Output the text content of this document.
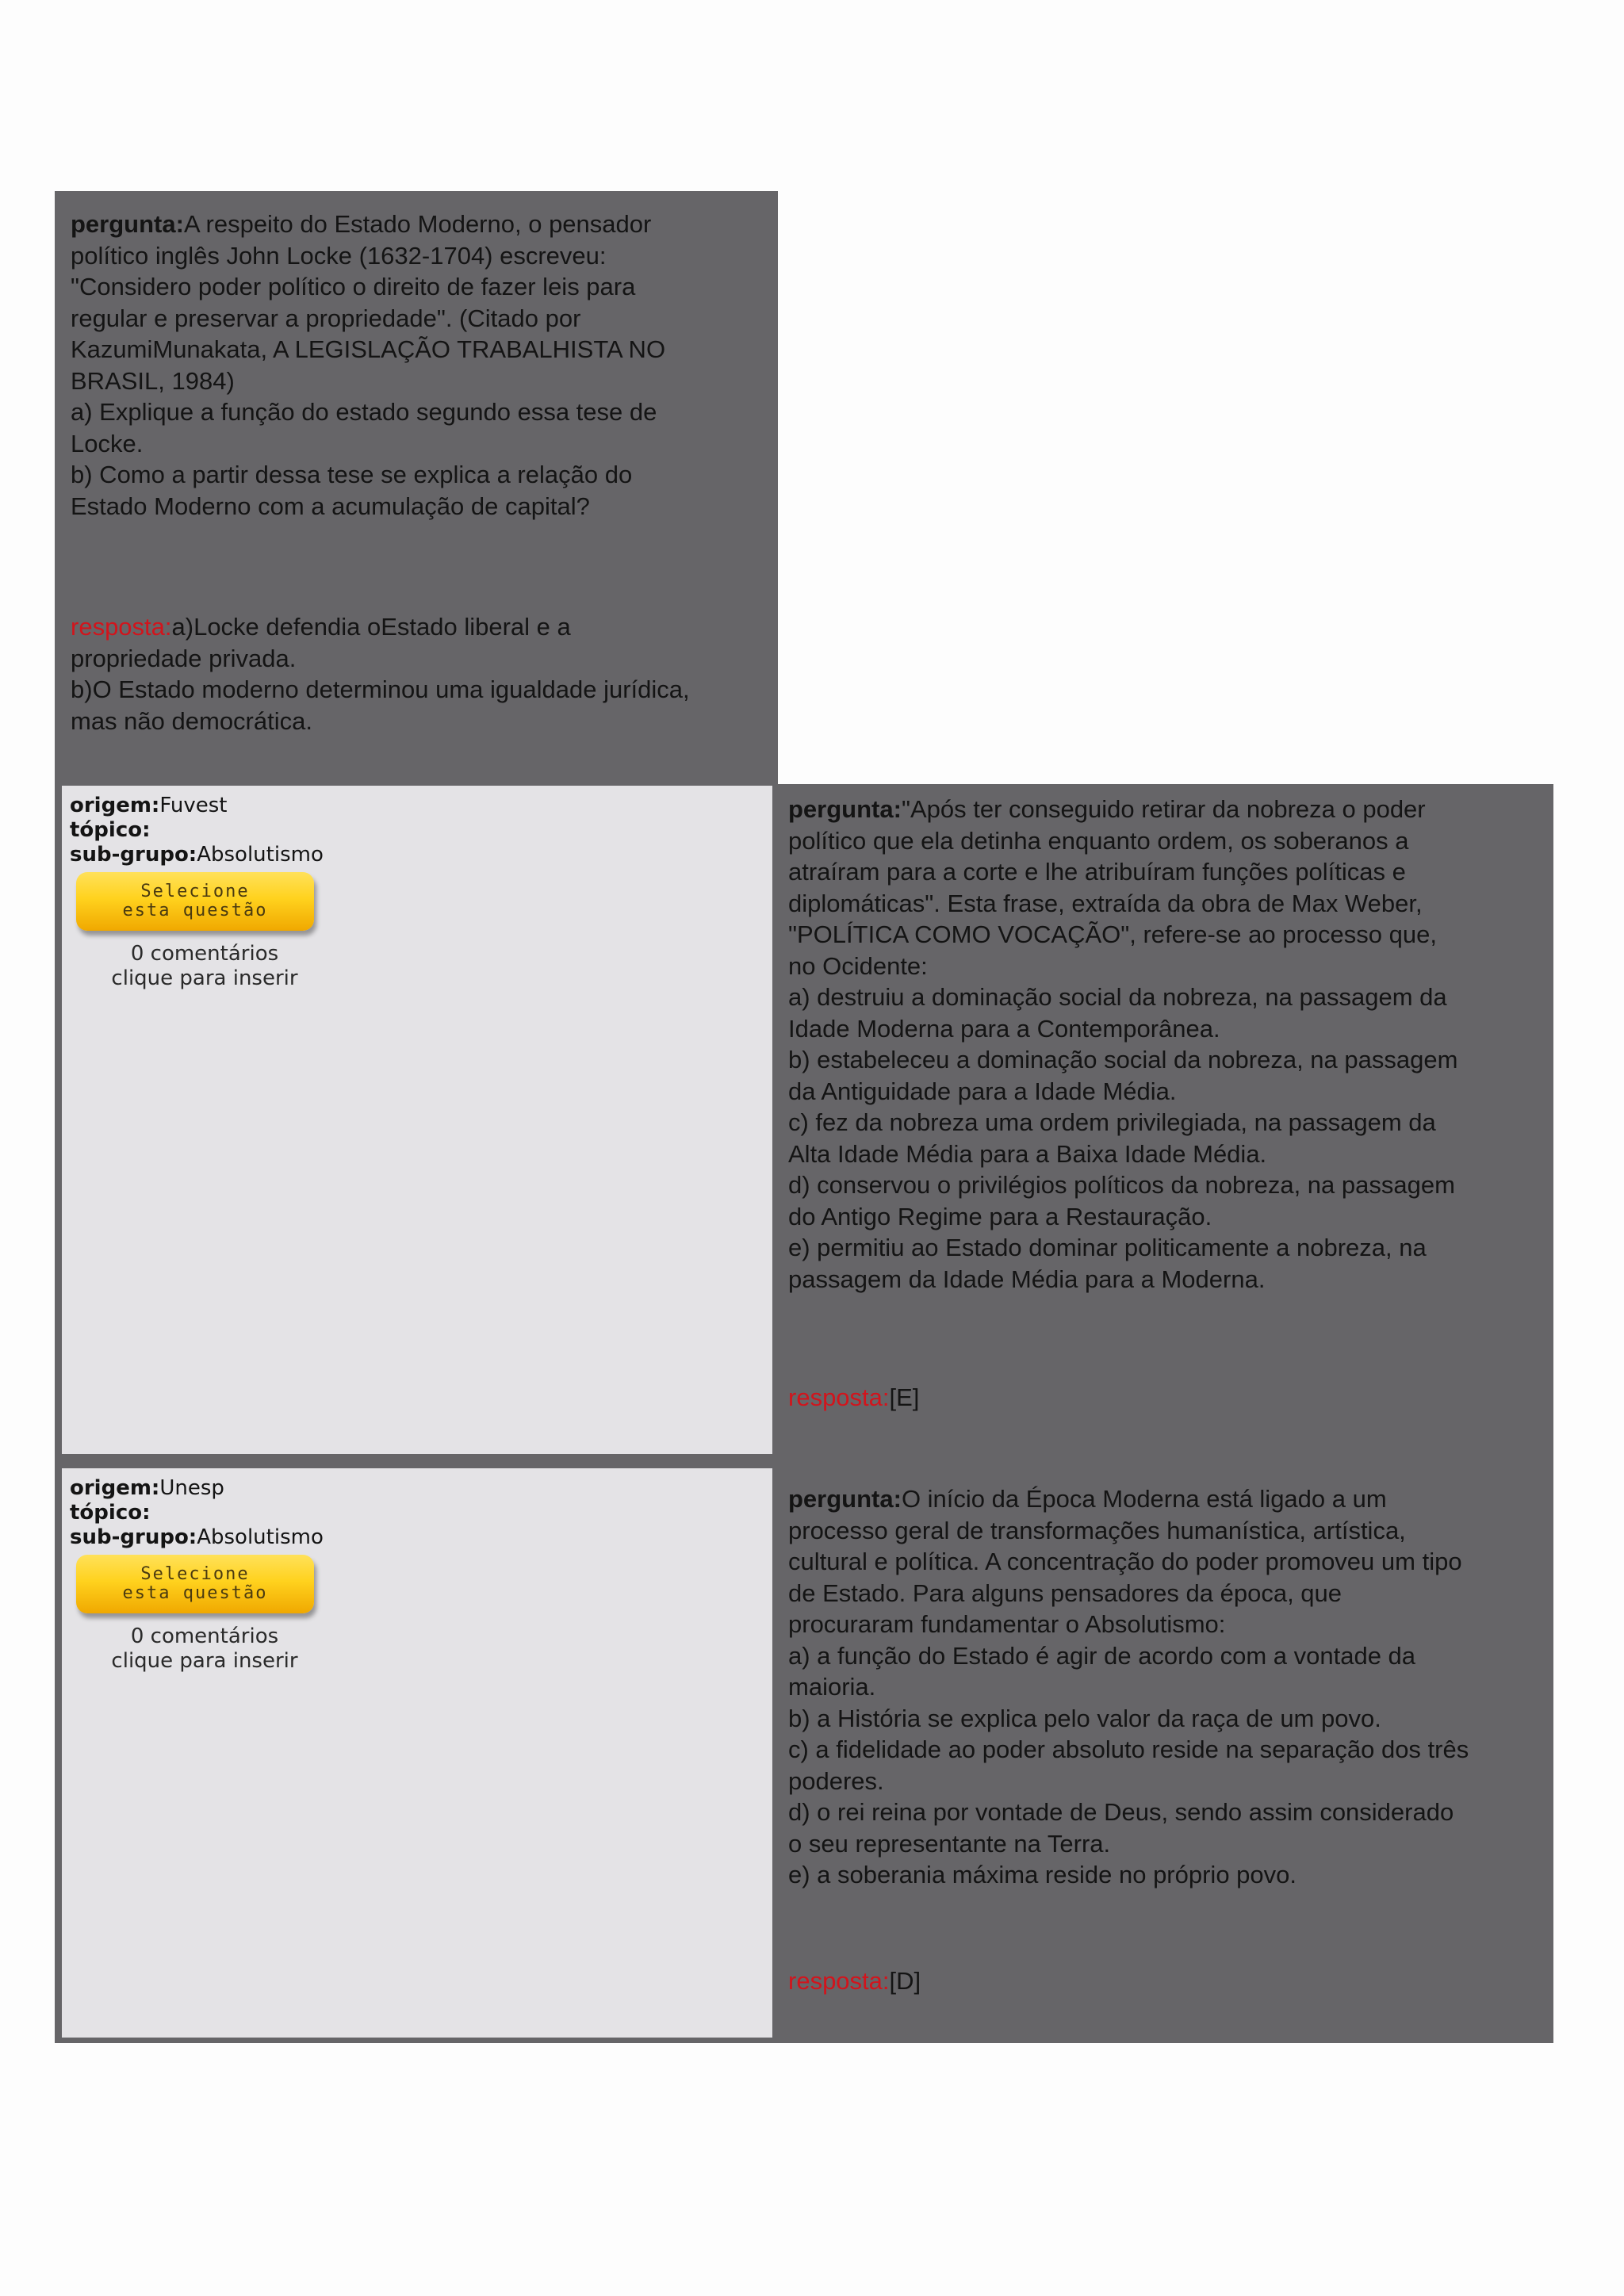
pergunta:A respeito do Estado Moderno, o pensador
político inglês John Locke (1632-1704) escreveu:
"Considero poder político o direito de fazer leis para
regular e preservar a propriedade". (Citado por
KazumiMunakata, A LEGISLAÇÃO TRABALHISTA NO
BRASIL, 1984)
a) Explique a função do estado segundo essa tese de
Locke.
b) Como a partir dessa tese se explica a relação do
Estado Moderno com a acumulação de capital?
resposta:a)Locke defendia oEstado liberal e a
propriedade privada.
b)O Estado moderno determinou uma igualdade jurídica,
mas não democrática.
origem:Fuvest
tópico:
sub-grupo:Absolutismo
Selecione
esta questão
0 comentários
clique para inserir
pergunta:"Após ter conseguido retirar da nobreza o poder
político que ela detinha enquanto ordem, os soberanos a
atraíram para a corte e lhe atribuíram funções políticas e
diplomáticas". Esta frase, extraída da obra de Max Weber,
"POLÍTICA COMO VOCAÇÃO", refere-se ao processo que,
no Ocidente:
a) destruiu a dominação social da nobreza, na passagem da
Idade Moderna para a Contemporânea.
b) estabeleceu a dominação social da nobreza, na passagem
da Antiguidade para a Idade Média.
c) fez da nobreza uma ordem privilegiada, na passagem da
Alta Idade Média para a Baixa Idade Média.
d) conservou o privilégios políticos da nobreza, na passagem
do Antigo Regime para a Restauração.
e) permitiu ao Estado dominar politicamente a nobreza, na
passagem da Idade Média para a Moderna.
resposta:[E]
origem:Unesp
tópico:
sub-grupo:Absolutismo
Selecione
esta questão
0 comentários
clique para inserir
pergunta:O início da Época Moderna está ligado a um
processo geral de transformações humanística, artística,
cultural e política. A concentração do poder promoveu um tipo
de Estado. Para alguns pensadores da época, que
procuraram fundamentar o Absolutismo:
a) a função do Estado é agir de acordo com a vontade da
maioria.
b) a História se explica pelo valor da raça de um povo.
c) a fidelidade ao poder absoluto reside na separação dos três
poderes.
d) o rei reina por vontade de Deus, sendo assim considerado
o seu representante na Terra.
e) a soberania máxima reside no próprio povo.
resposta:[D]
